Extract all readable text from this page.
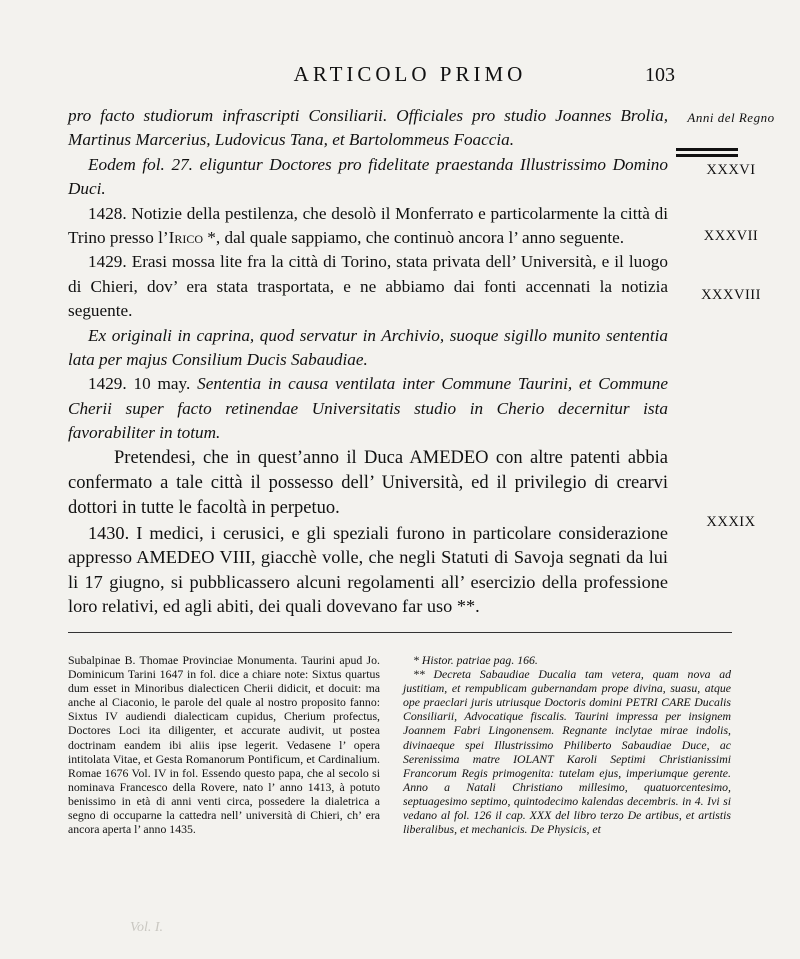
ARTICOLO PRIMO	103
Anni del Regno
XXXVI
XXXVII
XXXVIII
XXXIX

pro facto studiorum infrascripti Consiliarii. Officiales pro studio Joannes Brolia, Martinus Marcerius, Ludovicus Tana, et Bartolommeus Foaccia.

Eodem fol. 27. eliguntur Doctores pro fidelitate praestanda Illustrissimo Domino Duci.

1428. Notizie della pestilenza, che desolò il Monferrato e particolarmente la città di Trino presso l’Irico *, dal quale sappiamo, che continuò ancora l’ anno seguente.

1429. Erasi mossa lite fra la città di Torino, stata privata dell’ Università, e il luogo di Chieri, dov’ era stata trasportata, e ne abbiamo dai fonti accennati la notizia seguente.

Ex originali in caprina, quod servatur in Archivio, suoque sigillo munito sententia lata per majus Consilium Ducis Sabaudiae.

1429. 10 may. Sententia in causa ventilata inter Commune Taurini, et Commune Cherii super facto retinendae Universitatis studio in Cherio decernitur ista favorabiliter in totum.

Pretendesi, che in quest’anno il Duca AMEDEO con altre patenti abbia confermato a tale città il possesso dell’ Università, ed il privilegio di crearvi dottori in tutte le facoltà in perpetuo.

1430. I medici, i cerusici, e gli speziali furono in particolare considerazione appresso AMEDEO VIII, giacchè volle, che negli Statuti di Savoja segnati da lui li 17 giugno, si pubblicassero alcuni regolamenti all’ esercizio della professione loro relativi, ed agli abiti, dei quali dovevano far uso **.

Subalpinae B. Thomae Provinciae Monumenta. Taurini apud Jo. Dominicum Tarini 1647 in fol. dice a chiare note: Sixtus quartus dum esset in Minoribus dialecticen Cherii didicit, et docuit: ma anche al Ciaconio, le parole del quale al nostro proposito fanno: Sixtus IV audiendi dialecticam cupidus, Cherium profectus, Doctores Loci ita diligenter, et accurate audivit, ut postea doctrinam eandem ibi aliis ipse legerit. Vedasene l’ opera intitolata Vitae, et Gesta Romanorum Pontificum, et Cardinalium. Romae 1676 Vol. IV in fol. Essendo questo papa, che al secolo si nominava Francesco della Rovere, nato l’ anno 1413, à potuto benissimo in età di anni venti circa, possedere la dialetrica a segno di occuparne la cattedra nell’ università di Chieri, ch’ era ancora aperta l’ anno 1435.

* Histor. patriae pag. 166.

** Decreta Sabaudiae Ducalia tam vetera, quam nova ad justitiam, et rempublicam gubernandam prope divina, suasu, atque ope praeclari juris utriusque Doctoris domini PETRI CARE Ducalis Consiliarii, Advocatique fiscalis. Taurini impressa per insignem Joannem Fabri Lingonensem. Regnante inclytae mirae indolis, divinaeque spei Illustrissimo Philiberto Sabaudiae Duce, ac Serenissima matre IOLANT Karoli Septimi Christianissimi Francorum Regis primogenita: tutelam ejus, imperiumque gerente. Anno a Natali Christiano millesimo, quatuorcentesimo, septuagesimo septimo, quintodecimo kalendas decembris. in 4. Ivi si vedano al fol. 126 il cap. XXX del libro terzo De artibus, et artistis liberalibus, et mechanicis. De Physicis, et

Vol. I.
